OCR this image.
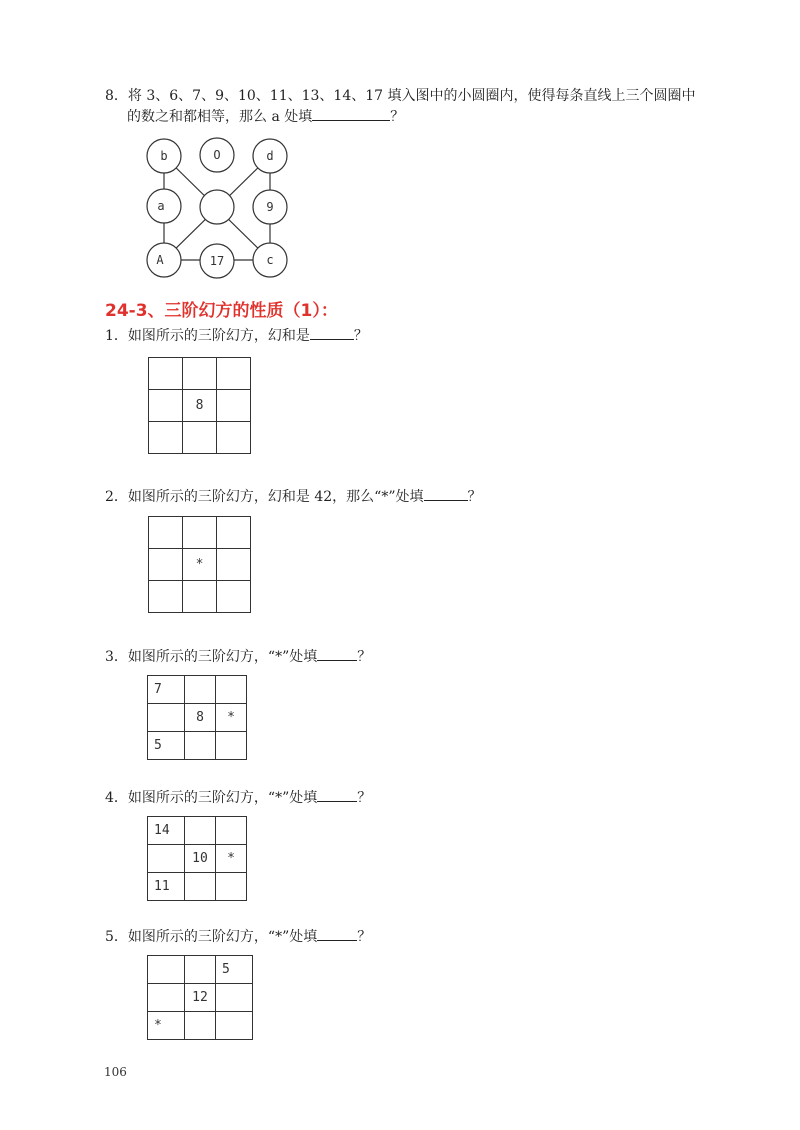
8．将 3、6、7、9、10、11、13、14、17 填入图中的小圆圈内，使得每条直线上三个圆圈中
的数之和都相等，那么 a 处填	？
b	O	d
a	9
A	17	c
24-3、三阶幻方的性质（1）：
1．如图所示的三阶幻方，幻和是	？

	8	

2．如图所示的三阶幻方，幻和是 42，那么“*”处填	？

	*	

3．如图所示的三阶幻方，“*”处填	？
7		
	8	*
5		
4．如图所示的三阶幻方，“*”处填	？
14		
	10	*
11		
5．如图所示的三阶幻方，“*”处填	？
		5
	12	
*		
106
